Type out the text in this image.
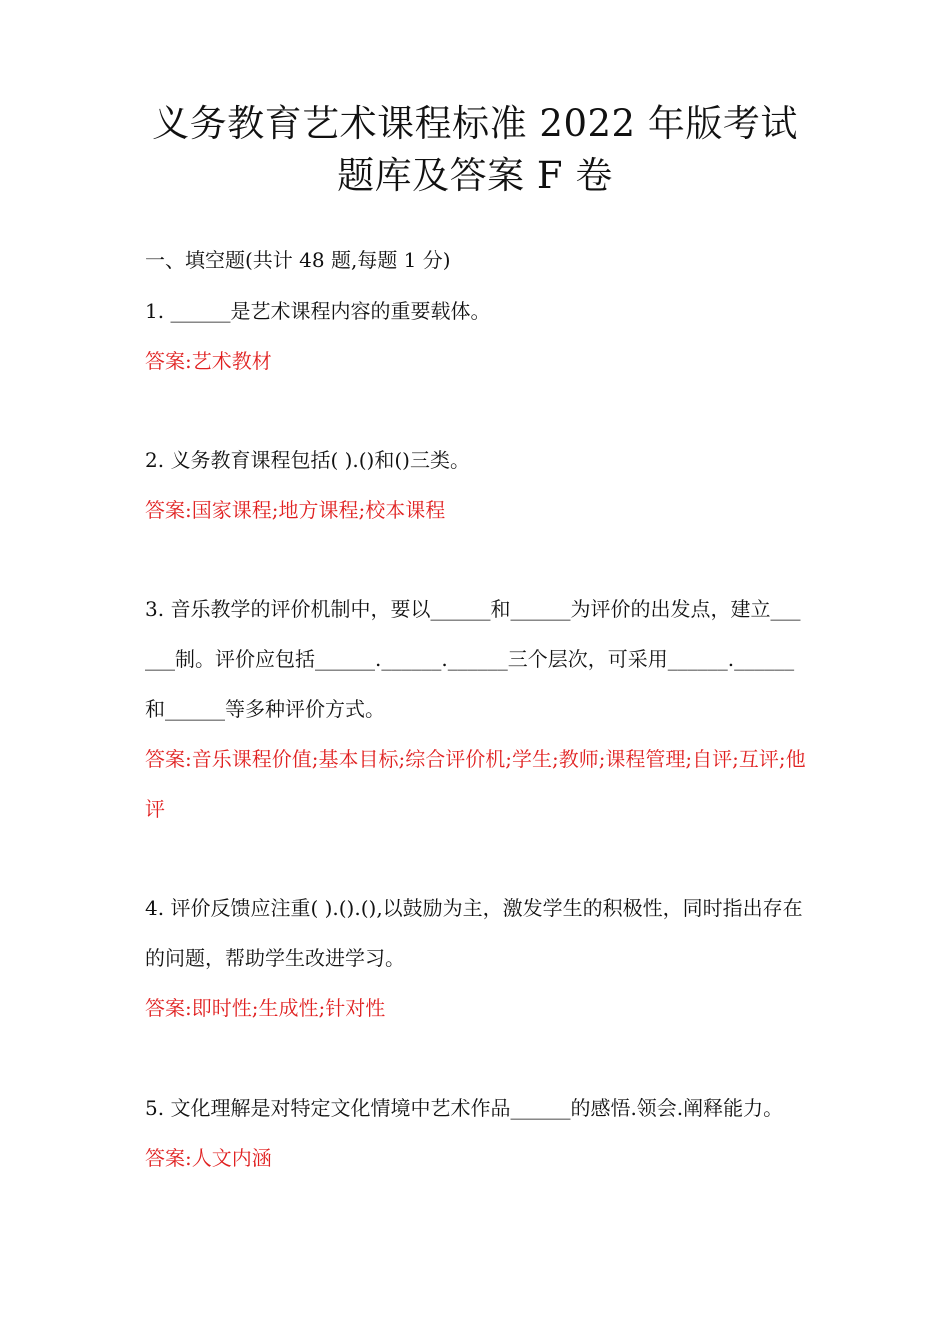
义务教育艺术课程标准 2022 年版考试
题库及答案 F 卷

一、填空题(共计 48 题,每题 1 分)

1. ______是艺术课程内容的重要载体。

答案:艺术教材

2. 义务教育课程包括( ).()和()三类。

答案:国家课程;地方课程;校本课程

3. 音乐教学的评价机制中，要以______和______为评价的出发点，建立______制。评价应包括______.______.______三个层次，可采用______.______和______等多种评价方式。

答案:音乐课程价值;基本目标;综合评价机;学生;教师;课程管理;自评;互评;他评

4. 评价反馈应注重( ).().(),以鼓励为主，激发学生的积极性，同时指出存在的问题，帮助学生改进学习。

答案:即时性;生成性;针对性

5. 文化理解是对特定文化情境中艺术作品______的感悟.领会.阐释能力。

答案:人文内涵
